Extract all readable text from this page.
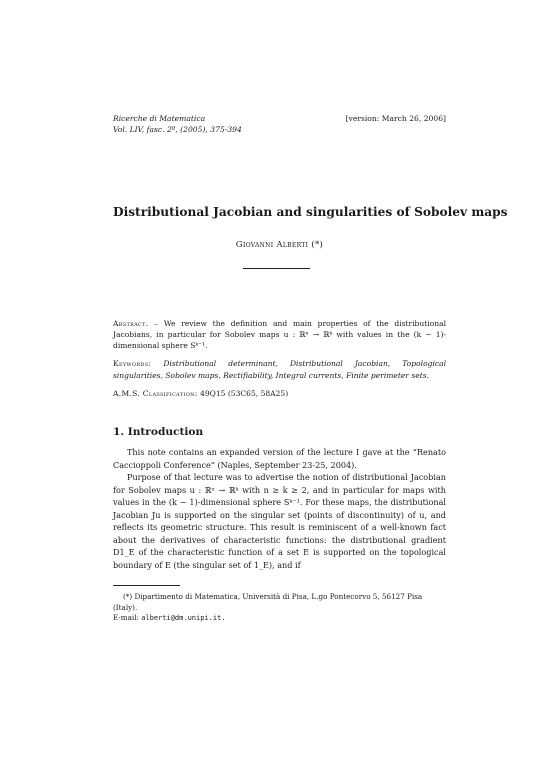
Ricerche di Matematica	[version: March 26, 2006]
Vol. LIV, fasc. 2º, (2005), 375-394
Distributional Jacobian and singularities of Sobolev maps
Giovanni Alberti (*)

Abstract. – We review the definition and main properties of the distributional Jacobians, in particular for Sobolev maps u : ℝⁿ → ℝᵏ with values in the (k − 1)-dimensional sphere Sᵏ⁻¹.

Keywords: Distributional determinant, Distributional Jacobian, Topological singularities, Sobolev maps, Rectifiability, Integral currents, Finite perimeter sets.

A.M.S. Classification: 49Q15 (53C65, 58A25)

1. Introduction

This note contains an expanded version of the lecture I gave at the “Renato Caccioppoli Conference” (Naples, September 23-25, 2004).

Purpose of that lecture was to advertise the notion of distributional Jacobian for Sobolev maps u : ℝⁿ → ℝᵏ with n ≥ k ≥ 2, and in particular for maps with values in the (k − 1)-dimensional sphere Sᵏ⁻¹. For these maps, the distributional Jacobian Ju is supported on the singular set (points of discontinuity) of u, and reflects its geometric structure. This result is reminiscent of a well-known fact about the derivatives of characteristic functions: the distributional gradient D1_E of the characteristic function of a set E is supported on the topological boundary of E (the singular set of 1_E), and if

(*) Dipartimento di Matematica, Università di Pisa, L.go Pontecorvo 5, 56127 Pisa (Italy).

E-mail: alberti@dm.unipi.it.
